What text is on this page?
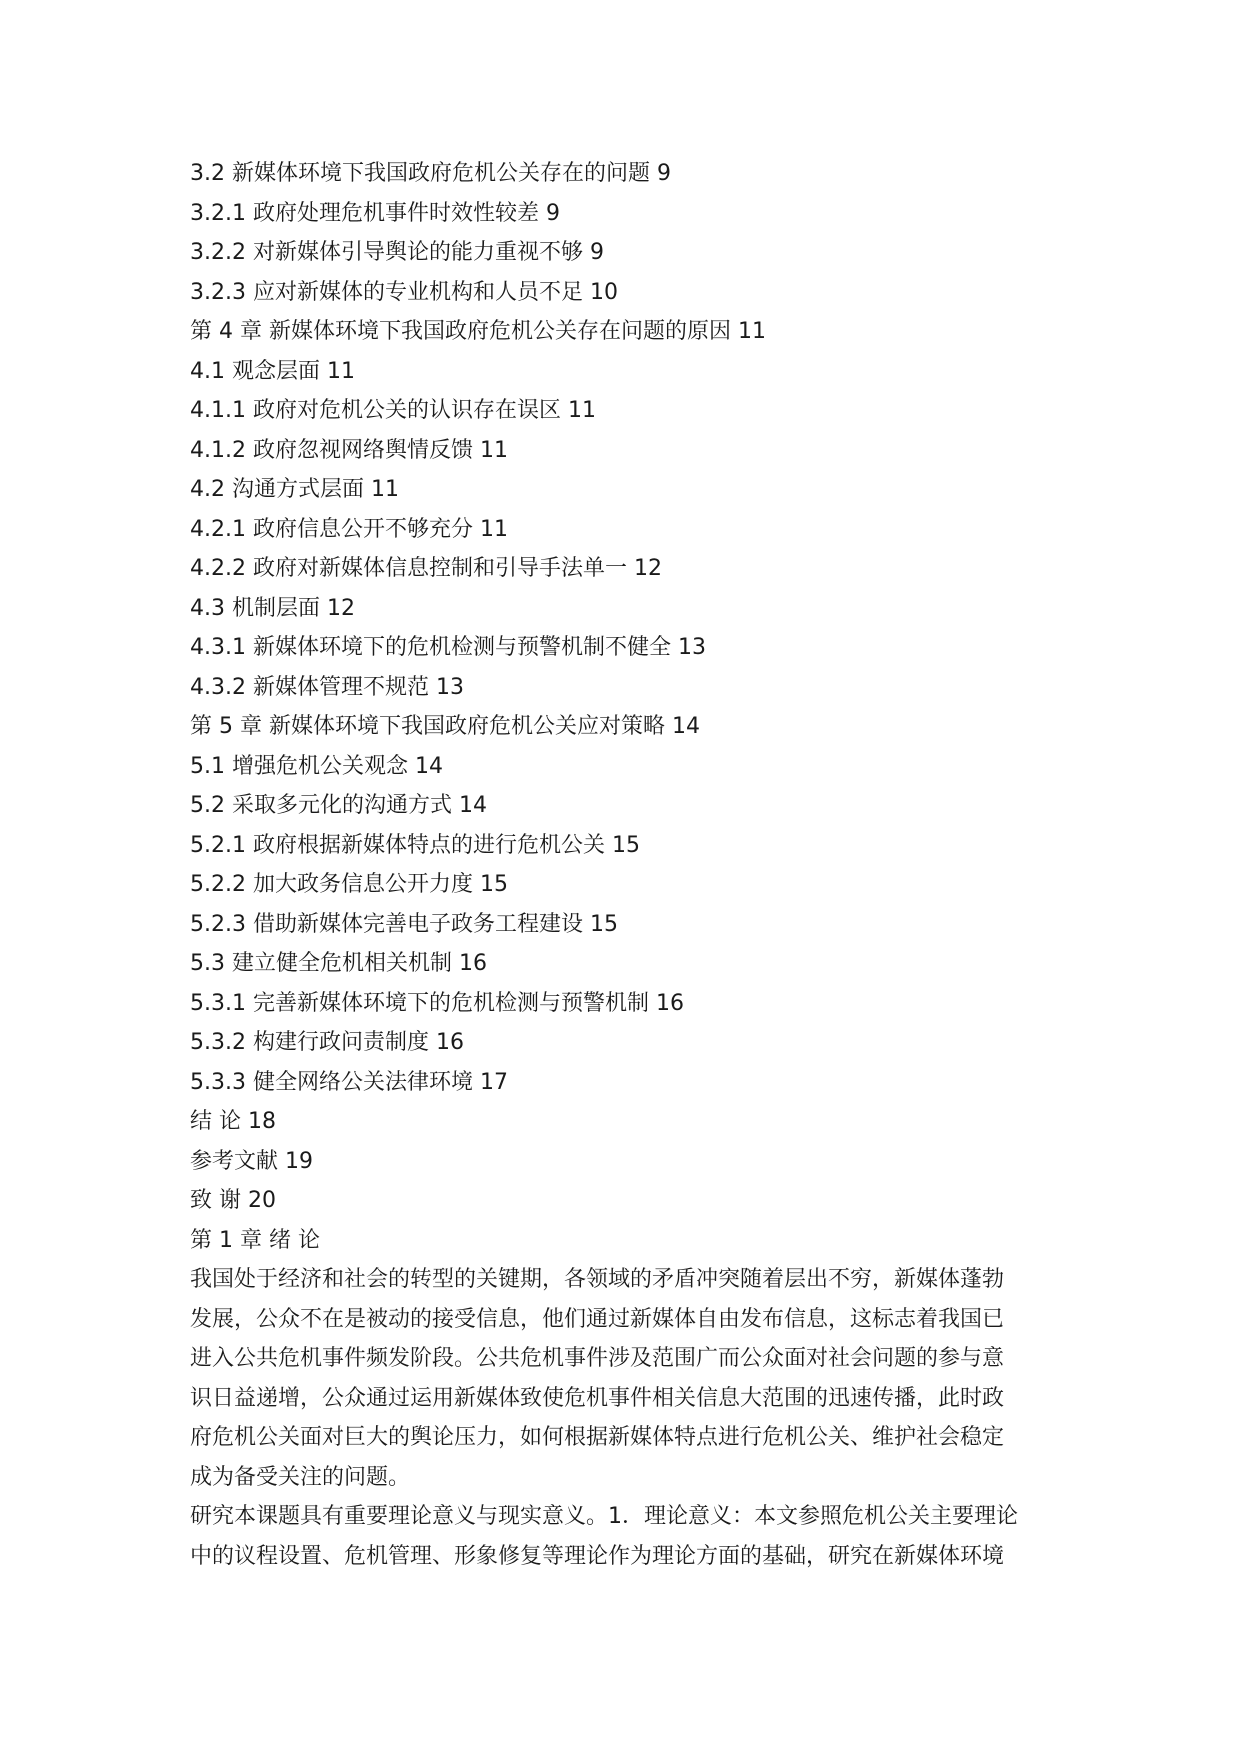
3.2 新媒体环境下我国政府危机公关存在的问题 9
3.2.1 政府处理危机事件时效性较差 9
3.2.2 对新媒体引导舆论的能力重视不够 9
3.2.3 应对新媒体的专业机构和人员不足 10
第 4 章 新媒体环境下我国政府危机公关存在问题的原因 11
4.1 观念层面 11
4.1.1 政府对危机公关的认识存在误区 11
4.1.2 政府忽视网络舆情反馈 11
4.2 沟通方式层面 11
4.2.1 政府信息公开不够充分 11
4.2.2 政府对新媒体信息控制和引导手法单一 12
4.3 机制层面 12
4.3.1 新媒体环境下的危机检测与预警机制不健全 13
4.3.2 新媒体管理不规范 13
第 5 章 新媒体环境下我国政府危机公关应对策略 14
5.1 增强危机公关观念 14
5.2 采取多元化的沟通方式 14
5.2.1 政府根据新媒体特点的进行危机公关 15
5.2.2 加大政务信息公开力度 15
5.2.3 借助新媒体完善电子政务工程建设 15
5.3 建立健全危机相关机制 16
5.3.1 完善新媒体环境下的危机检测与预警机制 16
5.3.2 构建行政问责制度 16
5.3.3 健全网络公关法律环境 17
结 论 18
参考文献 19
致 谢 20
第 1 章 绪 论
我国处于经济和社会的转型的关键期，各领域的矛盾冲突随着层出不穷，新媒体蓬勃
发展，公众不在是被动的接受信息，他们通过新媒体自由发布信息，这标志着我国已
进入公共危机事件频发阶段。公共危机事件涉及范围广而公众面对社会问题的参与意
识日益递增，公众通过运用新媒体致使危机事件相关信息大范围的迅速传播，此时政
府危机公关面对巨大的舆论压力，如何根据新媒体特点进行危机公关、维护社会稳定
成为备受关注的问题。
研究本课题具有重要理论意义与现实意义。1．理论意义：本文参照危机公关主要理论
中的议程设置、危机管理、形象修复等理论作为理论方面的基础，研究在新媒体环境
